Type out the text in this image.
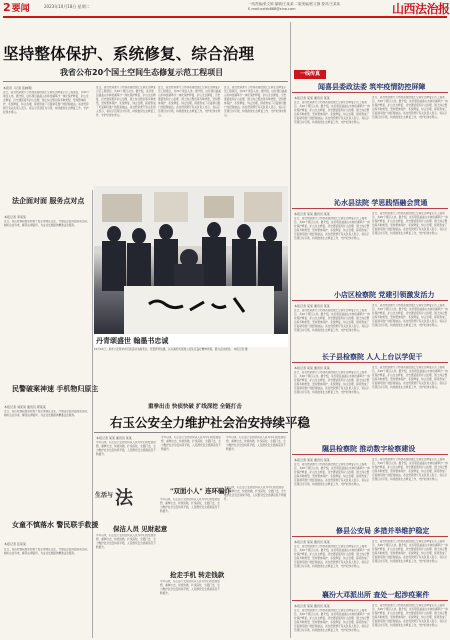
2要闻	2023年10月18日 星期二	一线责编/张文婷 编辑/王某某 二版美编/张文静 校对/王某某
E-mail:xxfzb888@sina.com	山西法治报
坚持整体保护、系统修复、综合治理
我省公布20个国土空间生态修复示范工程项目
本报讯（记者 张晓明）
近日，省自然资源厅公布我省首批国土空间生态修复示范工程项目，共20个项目入选。据介绍，这些项目涵盖山水林田湖草沙一体化保护修复、矿山生态修复、历史遗留废弃矿山治理、国土综合整治等多种类型，坚持整体保护、系统修复、综合治理，探索形成了可复制可推广的经验做法。省自然资源厅有关负责人表示，将以示范项目为引领，持续推进生态修复工作，守护好绿水青山。
近日，省自然资源厅公布我省首批国土空间生态修复示范工程项目，共20个项目入选。据介绍，这些项目涵盖山水林田湖草沙一体化保护修复、矿山生态修复、历史遗留废弃矿山治理、国土综合整治等多种类型，坚持整体保护、系统修复、综合治理，探索形成了可复制可推广的经验做法。省自然资源厅有关负责人表示，将以示范项目为引领，持续推进生态修复工作，守护好绿水青山。
近日，省自然资源厅公布我省首批国土空间生态修复示范工程项目，共20个项目入选。据介绍，这些项目涵盖山水林田湖草沙一体化保护修复、矿山生态修复、历史遗留废弃矿山治理、国土综合整治等多种类型，坚持整体保护、系统修复、综合治理，探索形成了可复制可推广的经验做法。省自然资源厅有关负责人表示，将以示范项目为引领，持续推进生态修复工作，守护好绿水青山。
近日，省自然资源厅公布我省首批国土空间生态修复示范工程项目，共20个项目入选。据介绍，这些项目涵盖山水林田湖草沙一体化保护修复、矿山生态修复、历史遗留废弃矿山治理、国土综合整治等多种类型，坚持整体保护、系统修复、综合治理，探索形成了可复制可推广的经验做法。省自然资源厅有关负责人表示，将以示范项目为引领，持续推进生态修复工作，守护好绿水青山。
法企面对面 服务点对点
本报记者 李某某
近日，某区检察院组织检察干警走进辖区企业，开展法企面对面座谈活动，倾听企业诉求，解答法律疑问，为企业发展提供精准法治服务。
民警破案神速 手机物归原主
本报记者 刘某某 通讯员 郭某某
近日，某区检察院组织检察干警走进辖区企业，开展法企面对面座谈活动，倾听企业诉求，解答法律疑问，为企业发展提供精准法治服务。
女童不慎落水 警民联手救援
本报记者 张某某
近日，某区检察院组织检察干警走进辖区企业，开展法企面对面座谈活动，倾听企业诉求，解答法律疑问，为企业发展提供精准法治服务。
丹青颂盛世 翰墨书忠诚
10月16日，某市公安局举办庆祝活动书画笔会，民警挥毫泼墨，以书画形式展现公安队伍良好精神风貌。图为活动现场。 本报记者 摄
重拳出击 快侦快破 扩线深挖 全链打击
右玉公安全力维护社会治安持续平稳
本报记者 某某 通讯员 某某
今年以来，右玉县公安局坚持以人民为中心的发展思想，重拳出击，快侦快破，扩线深挖，全链打击，全力维护社会治安持续平稳，人民群众安全感满意度不断提升。
今年以来，右玉县公安局坚持以人民为中心的发展思想，重拳出击，快侦快破，扩线深挖，全链打击，全力维护社会治安持续平稳，人民群众安全感满意度不断提升。
今年以来，右玉县公安局坚持以人民为中心的发展思想，重拳出击，快侦快破，扩线深挖，全链打击，全力维护社会治安持续平稳，人民群众安全感满意度不断提升。
生活与 法
保洁人员 见财起意
今年以来，右玉县公安局坚持以人民为中心的发展思想，重拳出击，快侦快破，扩线深挖，全链打击，全力维护社会治安持续平稳，人民群众安全感满意度不断提升。
"双面小人" 连环骗诈
今年以来，右玉县公安局坚持以人民为中心的发展思想，重拳出击，快侦快破，扩线深挖，全链打击，全力维护社会治安持续平稳，人民群众安全感满意度不断提升。
抢走手机 转走钱款
今年以来，右玉县公安局坚持以人民为中心的发展思想，重拳出击，快侦快破，扩线深挖，全链打击，全力维护社会治安持续平稳，人民群众安全感满意度不断提升。
今年以来，右玉县公安局坚持以人民为中心的发展思想，重拳出击，快侦快破，扩线深挖，全链打击，全力维护社会治安持续平稳，人民群众安全感满意度不断提升。
一线传真
闻喜县委政法委 筑牢疫情防控屏障
本报记者 某某 通讯员 某某
近日，省自然资源厅公布我省首批国土空间生态修复示范工程项目，共20个项目入选。据介绍，这些项目涵盖山水林田湖草沙一体化保护修复、矿山生态修复、历史遗留废弃矿山治理、国土综合整治等多种类型，坚持整体保护、系统修复、综合治理，探索形成了可复制可推广的经验做法。省自然资源厅有关负责人表示，将以示范项目为引领，持续推进生态修复工作，守护好绿水青山。
近日，省自然资源厅公布我省首批国土空间生态修复示范工程项目，共20个项目入选。据介绍，这些项目涵盖山水林田湖草沙一体化保护修复、矿山生态修复、历史遗留废弃矿山治理、国土综合整治等多种类型，坚持整体保护、系统修复、综合治理，探索形成了可复制可推广的经验做法。省自然资源厅有关负责人表示，将以示范项目为引领，持续推进生态修复工作，守护好绿水青山。
沁水县法院 学思践悟融会贯通
本报记者 某某 通讯员 某某
近日，省自然资源厅公布我省首批国土空间生态修复示范工程项目，共20个项目入选。据介绍，这些项目涵盖山水林田湖草沙一体化保护修复、矿山生态修复、历史遗留废弃矿山治理、国土综合整治等多种类型，坚持整体保护、系统修复、综合治理，探索形成了可复制可推广的经验做法。省自然资源厅有关负责人表示，将以示范项目为引领，持续推进生态修复工作，守护好绿水青山。
近日，省自然资源厅公布我省首批国土空间生态修复示范工程项目，共20个项目入选。据介绍，这些项目涵盖山水林田湖草沙一体化保护修复、矿山生态修复、历史遗留废弃矿山治理、国土综合整治等多种类型，坚持整体保护、系统修复、综合治理，探索形成了可复制可推广的经验做法。省自然资源厅有关负责人表示，将以示范项目为引领，持续推进生态修复工作，守护好绿水青山。
小店区检察院 党建引领激发活力
本报记者 某某 通讯员 某某
近日，省自然资源厅公布我省首批国土空间生态修复示范工程项目，共20个项目入选。据介绍，这些项目涵盖山水林田湖草沙一体化保护修复、矿山生态修复、历史遗留废弃矿山治理、国土综合整治等多种类型，坚持整体保护、系统修复、综合治理，探索形成了可复制可推广的经验做法。省自然资源厅有关负责人表示，将以示范项目为引领，持续推进生态修复工作，守护好绿水青山。
近日，省自然资源厅公布我省首批国土空间生态修复示范工程项目，共20个项目入选。据介绍，这些项目涵盖山水林田湖草沙一体化保护修复、矿山生态修复、历史遗留废弃矿山治理、国土综合整治等多种类型，坚持整体保护、系统修复、综合治理，探索形成了可复制可推广的经验做法。省自然资源厅有关负责人表示，将以示范项目为引领，持续推进生态修复工作，守护好绿水青山。
长子县检察院 人人上台以学促干
本报记者 某某 通讯员 某某
近日，省自然资源厅公布我省首批国土空间生态修复示范工程项目，共20个项目入选。据介绍，这些项目涵盖山水林田湖草沙一体化保护修复、矿山生态修复、历史遗留废弃矿山治理、国土综合整治等多种类型，坚持整体保护、系统修复、综合治理，探索形成了可复制可推广的经验做法。省自然资源厅有关负责人表示，将以示范项目为引领，持续推进生态修复工作，守护好绿水青山。
近日，省自然资源厅公布我省首批国土空间生态修复示范工程项目，共20个项目入选。据介绍，这些项目涵盖山水林田湖草沙一体化保护修复、矿山生态修复、历史遗留废弃矿山治理、国土综合整治等多种类型，坚持整体保护、系统修复、综合治理，探索形成了可复制可推广的经验做法。省自然资源厅有关负责人表示，将以示范项目为引领，持续推进生态修复工作，守护好绿水青山。
隰县检察院 推动数字检察建设
本报记者 某某 通讯员 某某
近日，省自然资源厅公布我省首批国土空间生态修复示范工程项目，共20个项目入选。据介绍，这些项目涵盖山水林田湖草沙一体化保护修复、矿山生态修复、历史遗留废弃矿山治理、国土综合整治等多种类型，坚持整体保护、系统修复、综合治理，探索形成了可复制可推广的经验做法。省自然资源厅有关负责人表示，将以示范项目为引领，持续推进生态修复工作，守护好绿水青山。
近日，省自然资源厅公布我省首批国土空间生态修复示范工程项目，共20个项目入选。据介绍，这些项目涵盖山水林田湖草沙一体化保护修复、矿山生态修复、历史遗留废弃矿山治理、国土综合整治等多种类型，坚持整体保护、系统修复、综合治理，探索形成了可复制可推广的经验做法。省自然资源厅有关负责人表示，将以示范项目为引领，持续推进生态修复工作，守护好绿水青山。
修县公安局 多措并举维护稳定
本报记者 某某 通讯员 某某
近日，省自然资源厅公布我省首批国土空间生态修复示范工程项目，共20个项目入选。据介绍，这些项目涵盖山水林田湖草沙一体化保护修复、矿山生态修复、历史遗留废弃矿山治理、国土综合整治等多种类型，坚持整体保护、系统修复、综合治理，探索形成了可复制可推广的经验做法。省自然资源厅有关负责人表示，将以示范项目为引领，持续推进生态修复工作，守护好绿水青山。
近日，省自然资源厅公布我省首批国土空间生态修复示范工程项目，共20个项目入选。据介绍，这些项目涵盖山水林田湖草沙一体化保护修复、矿山生态修复、历史遗留废弃矿山治理、国土综合整治等多种类型，坚持整体保护、系统修复、综合治理，探索形成了可复制可推广的经验做法。省自然资源厅有关负责人表示，将以示范项目为引领，持续推进生态修复工作，守护好绿水青山。
襄汾大邓派出所 查处一起涉疫案件
本报记者 某某 通讯员 某某
近日，省自然资源厅公布我省首批国土空间生态修复示范工程项目，共20个项目入选。据介绍，这些项目涵盖山水林田湖草沙一体化保护修复、矿山生态修复、历史遗留废弃矿山治理、国土综合整治等多种类型，坚持整体保护、系统修复、综合治理，探索形成了可复制可推广的经验做法。省自然资源厅有关负责人表示，将以示范项目为引领，持续推进生态修复工作，守护好绿水青山。
近日，省自然资源厅公布我省首批国土空间生态修复示范工程项目，共20个项目入选。据介绍，这些项目涵盖山水林田湖草沙一体化保护修复、矿山生态修复、历史遗留废弃矿山治理、国土综合整治等多种类型，坚持整体保护、系统修复、综合治理，探索形成了可复制可推广的经验做法。省自然资源厅有关负责人表示，将以示范项目为引领，持续推进生态修复工作，守护好绿水青山。
